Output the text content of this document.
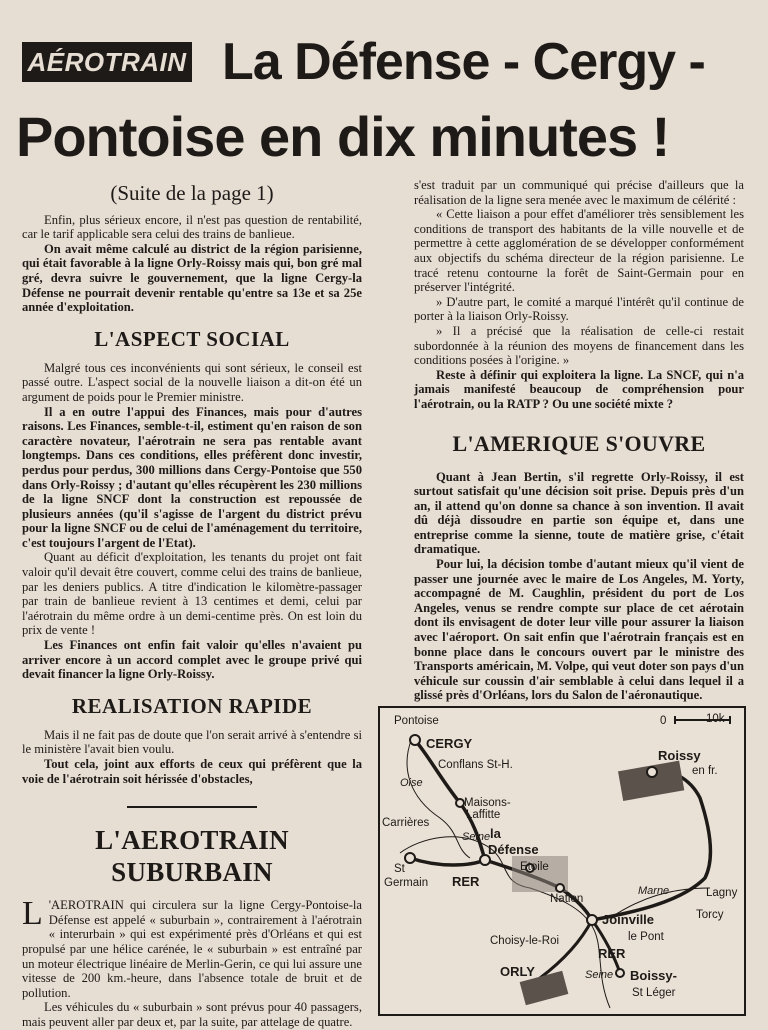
AÉROTRAIN La Défense - Cergy -
Pontoise en dix minutes !
(Suite de la page 1)

Enfin, plus sérieux encore, il n'est pas question de rentabilité, car le tarif applicable sera celui des trains de banlieue.

On avait même calculé au district de la région parisienne, qui était favorable à la ligne Orly-Roissy mais qui, bon gré mal gré, devra suivre le gouvernement, que la ligne Cergy-la Défense ne pourrait devenir rentable qu'entre sa 13e et sa 25e année d'exploitation.

L'ASPECT SOCIAL

Malgré tous ces inconvénients qui sont sérieux, le conseil est passé outre. L'aspect social de la nouvelle liaison a dit-on été un argument de poids pour le Premier ministre.

Il a en outre l'appui des Finances, mais pour d'autres raisons. Les Finances, semble-t-il, estiment qu'en raison de son caractère novateur, l'aérotrain ne sera pas rentable avant longtemps. Dans ces conditions, elles préfèrent donc investir, perdus pour perdus, 300 millions dans Cergy-Pontoise que 550 dans Orly-Roissy ; d'autant qu'elles récupèrent les 230 millions de la ligne SNCF dont la construction est repoussée de plusieurs années (qu'il s'agisse de l'argent du district prévu pour la ligne SNCF ou de celui de l'aménagement du territoire, c'est toujours l'argent de l'Etat).

Quant au déficit d'exploitation, les tenants du projet ont fait valoir qu'il devait être couvert, comme celui des trains de banlieue, par les deniers publics. A titre d'indication le kilomètre-passager par train de banlieue revient à 13 centimes et demi, celui par l'aérotrain du même ordre à un demi-centime près. On est loin du prix de vente !

Les Finances ont enfin fait valoir qu'elles n'avaient pu arriver encore à un accord complet avec le groupe privé qui devait financer la ligne Orly-Roissy.

REALISATION RAPIDE

Mais il ne fait pas de doute que l'on serait arrivé à s'entendre si le ministère l'avait bien voulu.

Tout cela, joint aux efforts de ceux qui préfèrent que la voie de l'aérotrain soit hérissée d'obstacles,

L'AEROTRAIN SUBURBAIN

L 'AEROTRAIN qui circulera sur la ligne Cergy-Pontoise-la Défense est appelé « suburbain », contrairement à l'aérotrain « interurbain » qui est expérimenté près d'Orléans et qui est propulsé par une hélice carénée, le « suburbain » est entraîné par un moteur électrique linéaire de Merlin-Gerin, ce qui lui assure une vitesse de 200 km.-heure, dans l'absence totale de bruit et de pollution.

Les véhicules du « suburbain » sont prévus pour 40 passagers, mais peuvent aller par deux et, par la suite, par attelage de quatre.

s'est traduit par un communiqué qui précise d'ailleurs que la réalisation de la ligne sera menée avec le maximum de célérité :

« Cette liaison a pour effet d'améliorer très sensiblement les conditions de transport des habitants de la ville nouvelle et de permettre à cette agglomération de se développer conformément aux objectifs du schéma directeur de la région parisienne. Le tracé retenu contourne la forêt de Saint-Germain pour en préserver l'intégrité.

» D'autre part, le comité a marqué l'intérêt qu'il continue de porter à la liaison Orly-Roissy.

» Il a précisé que la réalisation de celle-ci restait subordonnée à la réunion des moyens de financement dans les conditions posées à l'origine. »

Reste à définir qui exploitera la ligne. La SNCF, qui n'a jamais manifesté beaucoup de compréhension pour l'aérotrain, ou la RATP ? Ou une société mixte ?

L'AMERIQUE S'OUVRE

Quant à Jean Bertin, s'il regrette Orly-Roissy, il est surtout satisfait qu'une décision soit prise. Depuis près d'un an, il attend qu'on donne sa chance à son invention. Il avait dû déjà dissoudre en partie son équipe et, dans une entreprise comme la sienne, toute de matière grise, c'était dramatique.

Pour lui, la décision tombe d'autant mieux qu'il vient de passer une journée avec le maire de Los Angeles, M. Yorty, accompagné de M. Caughlin, président du port de Los Angeles, venus se rendre compte sur place de cet aérotain dont ils envisagent de doter leur ville pour assurer la liaison avec l'aéroport. On sait enfin que l'aérotrain français est en bonne place dans le concours ouvert par le ministre des Transports américain, M. Volpe, qui veut doter son pays d'un véhicule sur coussin d'air semblable à celui dans lequel il a glissé près d'Orléans, lors du Salon de l'aéronautique.

0	10k
Pontoise
CERGY
Conflans St-H.
Oise
Maisons-
Laffitte
Carrières
Seine la
Défense
Etoile
St
Germain RER
Nation
Roissy
en fr.
Marne	Lagny
Torcy
Joinville
le Pont
Choisy-le-Roi
RER
Seine
ORLY	Boissy-
St Léger
